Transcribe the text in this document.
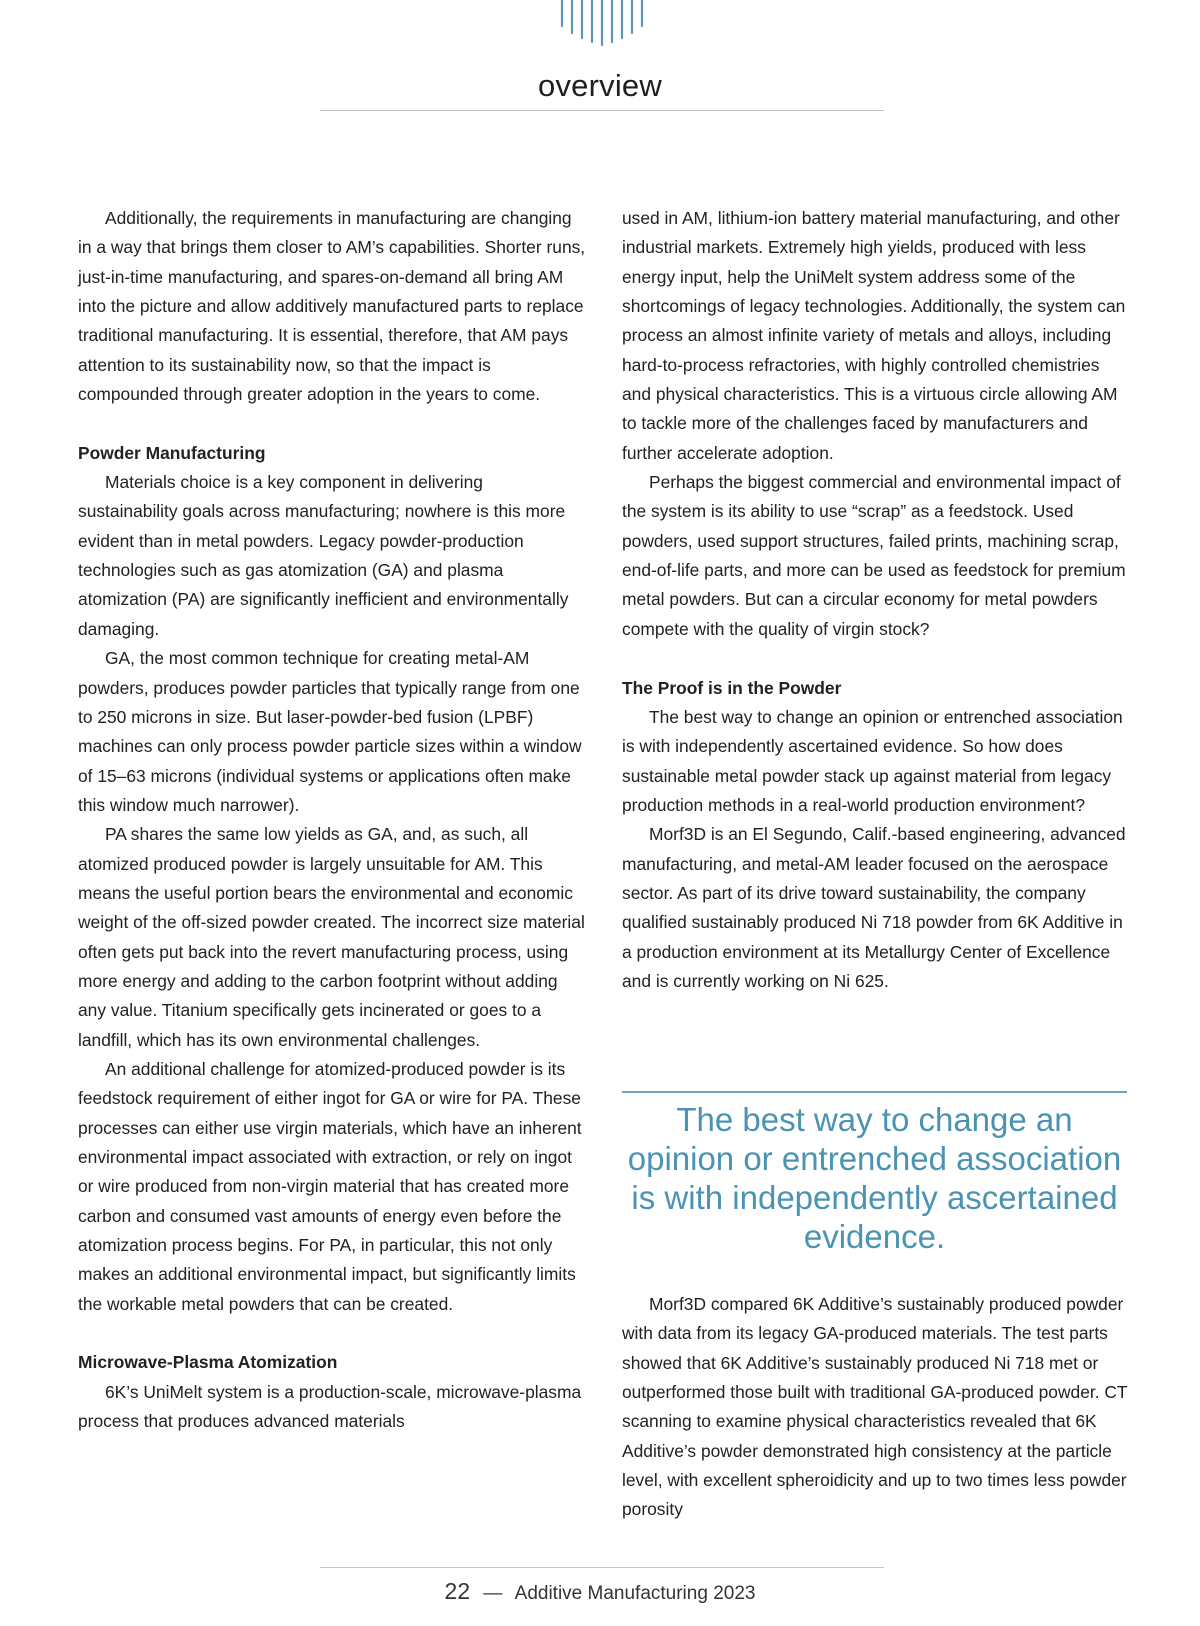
overview

Additionally, the requirements in manufacturing are changing in a way that brings them closer to AM’s capabilities. Shorter runs, just-in-time manufacturing, and spares-on-demand all bring AM into the picture and allow additively manufactured parts to replace traditional manufacturing. It is essential, therefore, that AM pays attention to its sustainability now, so that the impact is compounded through greater adoption in the years to come.

Powder Manufacturing

Materials choice is a key component in delivering sustainability goals across manufacturing; nowhere is this more evident than in metal powders. Legacy powder-production technologies such as gas atomization (GA) and plasma atomization (PA) are significantly inefficient and environmentally damaging.

GA, the most common technique for creating metal-AM powders, produces powder particles that typically range from one to 250 microns in size. But laser-powder-bed fusion (LPBF) machines can only process powder particle sizes within a window of 15–63 microns (individual systems or applications often make this window much narrower).

PA shares the same low yields as GA, and, as such, all atomized produced powder is largely unsuitable for AM. This means the useful portion bears the environmental and economic weight of the off-sized powder created. The incorrect size material often gets put back into the revert manufacturing process, using more energy and adding to the carbon footprint without adding any value. Titanium specifically gets incinerated or goes to a landfill, which has its own environmental challenges.

An additional challenge for atomized-produced powder is its feedstock requirement of either ingot for GA or wire for PA. These processes can either use virgin materials, which have an inherent environmental impact associated with extraction, or rely on ingot or wire produced from non-virgin material that has created more carbon and consumed vast amounts of energy even before the atomization process begins. For PA, in particular, this not only makes an additional environmental impact, but significantly limits the workable metal powders that can be created.

Microwave-Plasma Atomization

6K’s UniMelt system is a production-scale, microwave-plasma process that produces advanced materials

used in AM, lithium-ion battery material manufacturing, and other industrial markets. Extremely high yields, produced with less energy input, help the UniMelt system address some of the shortcomings of legacy technologies. Additionally, the system can process an almost infinite variety of metals and alloys, including hard-to-process refractories, with highly controlled chemistries and physical characteristics. This is a virtuous circle allowing AM to tackle more of the challenges faced by manufacturers and further accelerate adoption.

Perhaps the biggest commercial and environmental impact of the system is its ability to use “scrap” as a feedstock. Used powders, used support structures, failed prints, machining scrap, end-of-life parts, and more can be used as feedstock for premium metal powders. But can a circular economy for metal powders compete with the quality of virgin stock?

The Proof is in the Powder

The best way to change an opinion or entrenched association is with independently ascertained evidence. So how does sustainable metal powder stack up against material from legacy production methods in a real-world production environment?

Morf3D is an El Segundo, Calif.-based engineering, advanced manufacturing, and metal-AM leader focused on the aerospace sector. As part of its drive toward sustainability, the company qualified sustainably produced Ni 718 powder from 6K Additive in a production environment at its Metallurgy Center of Excellence and is currently working on Ni 625.

The best way to change an opinion or entrenched association is with independently ascertained evidence.

Morf3D compared 6K Additive’s sustainably produced powder with data from its legacy GA-produced materials. The test parts showed that 6K Additive’s sustainably produced Ni 718 met or outperformed those built with traditional GA-produced powder. CT scanning to examine physical characteristics revealed that 6K Additive’s powder demonstrated high consistency at the particle level, with excellent spheroidicity and up to two times less powder porosity

22 — Additive Manufacturing 2023
